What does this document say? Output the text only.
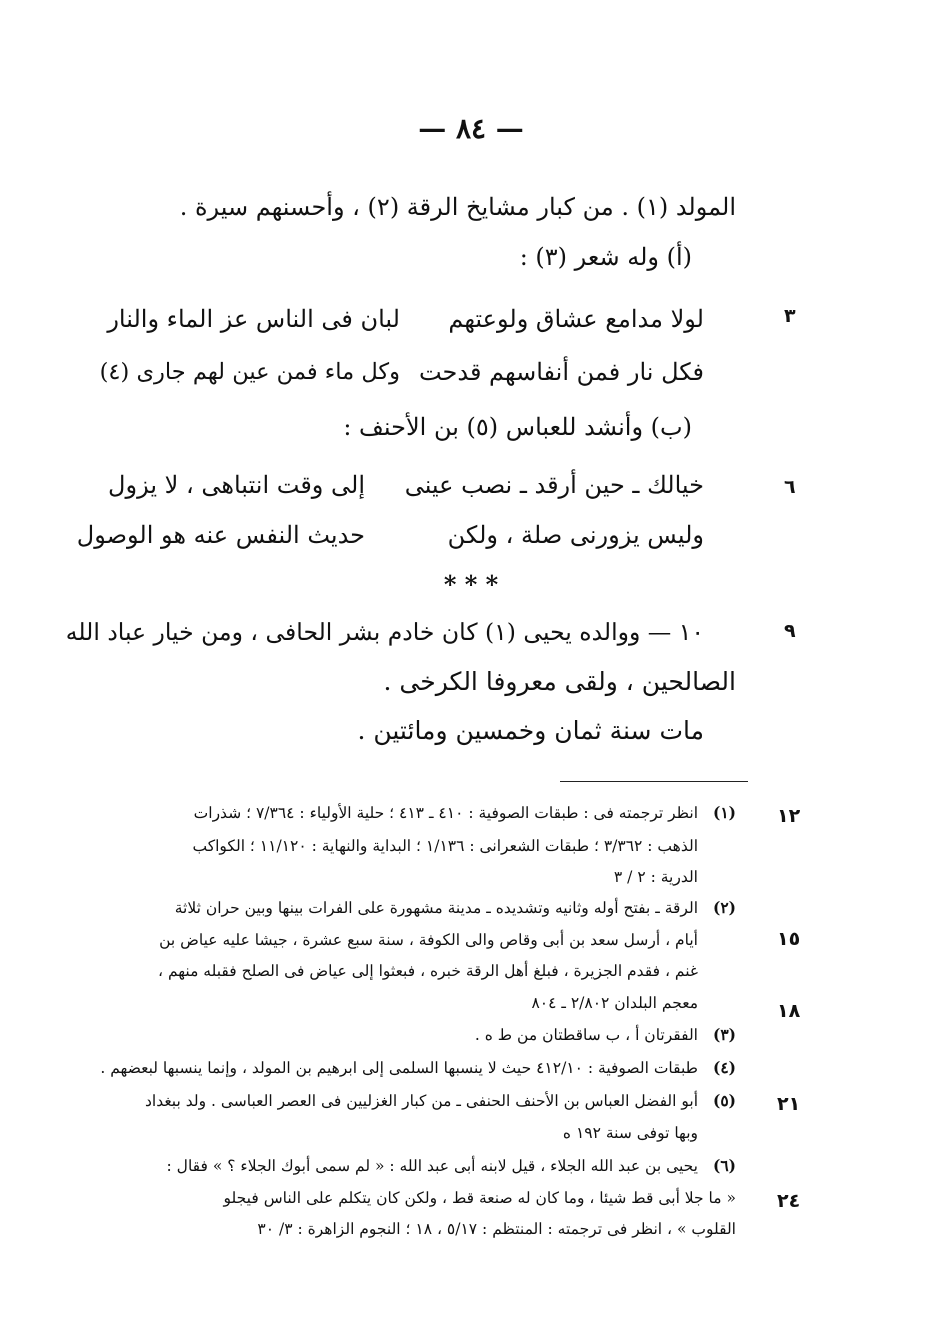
— ٨٤ —
المولد (١) . من كبار مشايخ الرقة (٢) ، وأحسنهم سيرة .
(أ) وله شعر (٣) :
٣
لولا مدامع عشاق ولوعتهم
لبان فى الناس عز الماء والنار
فكل نار فمن أنفاسهم قدحت
وكل ماء فمن عين لهم جارى (٤)
(ب) وأنشد للعباس (٥) بن الأحنف :
٦
خيالك ـ حين أرقد ـ نصب عينى
إلى وقت انتباهى ، لا يزول
وليس يزورنى صلة ، ولكن
حديث النفس عنه هو الوصول
* * *
٩
١٠ — ووالده يحيى (١) كان خادم بشر الحافى ، ومن خيار عباد الله
الصالحين ، ولقى معروفا الكرخى .
مات سنة ثمان وخمسين ومائتين .
١٢
١٥
١٨
٢١
٢٤
(١)
انظر ترجمته فى : طبقات الصوفية : ٤١٠ ـ ٤١٣ ؛ حلية الأولياء : ٧/٣٦٤ ؛ شذرات
الذهب : ٣/٣٦٢ ؛ طبقات الشعرانى : ١/١٣٦ ؛ البداية والنهاية : ١١/١٢٠ ؛ الكواكب
الدرية : ٢ / ٣
(٢)
الرقة ـ بفتح أوله وثانيه وتشديده ـ مدينة مشهورة على الفرات بينها وبين حران ثلاثة
أيام ، أرسل سعد بن أبى وقاص والى الكوفة ، سنة سبع عشرة ، جيشا عليه عياض بن
غنم ، فقدم الجزيرة ، فبلغ أهل الرقة خبره ، فبعثوا إلى عياض فى الصلح فقبله منهم ،
معجم البلدان ٢/٨٠٢ ـ ٨٠٤
(٣)
الفقرتان أ ، ب ساقطتان من ط ه .
(٤)
طبقات الصوفية : ٤١٢/١٠ حيث لا ينسبها السلمى إلى ابرهيم بن المولد ، وإنما ينسبها لبعضهم .
(٥)
أبو الفضل العباس بن الأحنف الحنفى ـ من كبار الغزليين فى العصر العباسى . ولد ببغداد
وبها توفى سنة ١٩٢ ه
(٦)
يحيى بن عبد الله الجلاء ، قيل لابنه أبى عبد الله : « لم سمى أبوك الجلاء ؟ » فقال :
« ما جلا أبى قط شيئا ، وما كان له صنعة قط ، ولكن كان يتكلم على الناس فيجلو
القلوب » ، انظر فى ترجمته : المنتظم : ٥/١٧ ، ١٨ ؛ النجوم الزاهرة : ٣/ ٣٠
